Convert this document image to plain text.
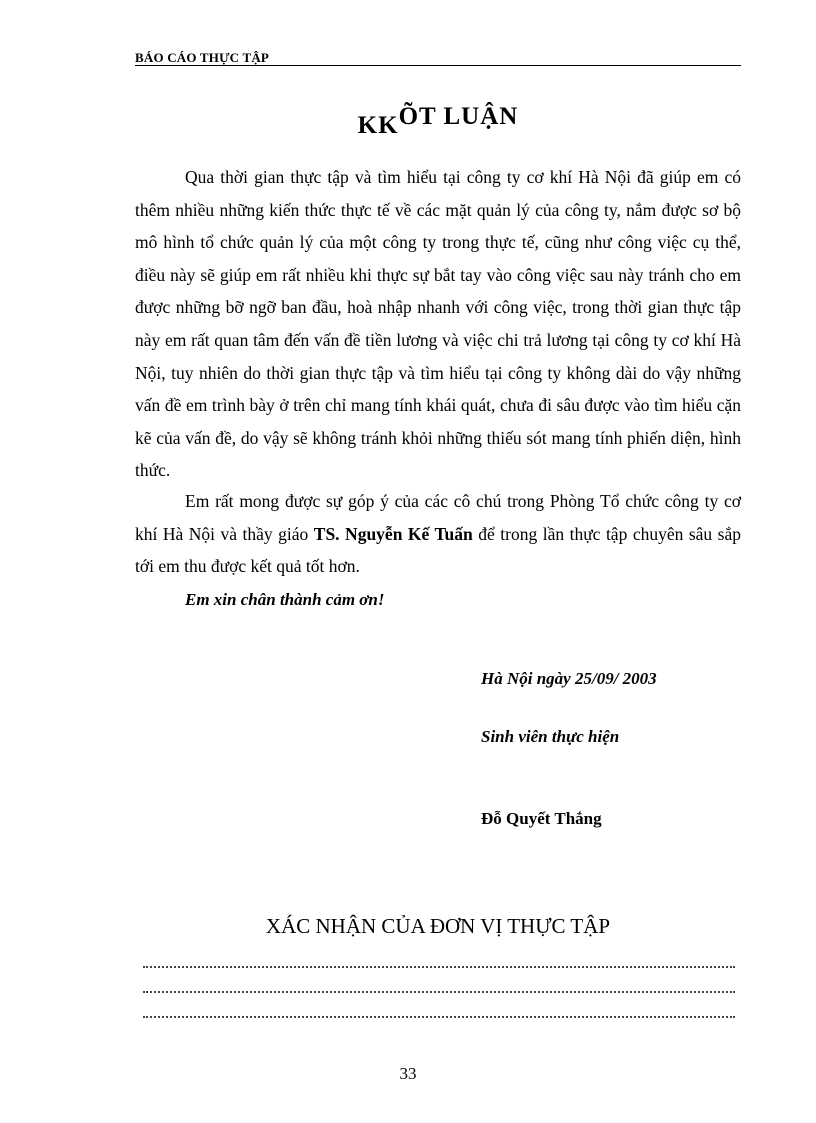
BÁO CÁO THỰC TẬP
KKÕT LUẬN

Qua thời gian thực tập và tìm hiểu tại công ty cơ khí Hà Nội đã giúp em có thêm nhiều những kiến thức thực tế về các mặt quản lý của công ty, nắm được sơ bộ mô hình tổ chức quản lý của một công ty trong thực tế, cũng như công việc cụ thể, điều này sẽ giúp em rất nhiều khi thực sự bắt tay vào công việc sau này tránh cho em được những bỡ ngỡ ban đầu, hoà nhập nhanh với công việc, trong thời gian thực tập này em rất quan tâm đến vấn đề tiền lương và việc chi trả lương tại công ty cơ khí Hà Nội, tuy nhiên do thời gian thực tập và tìm hiểu tại công ty không dài do vậy những vấn đề em trình bày ở trên chỉ mang tính khái quát, chưa đi sâu được vào tìm hiểu cặn kẽ của vấn đề, do vậy sẽ không tránh khỏi những thiếu sót mang tính phiến diện, hình thức.

Em rất mong được sự góp ý của các cô chú trong Phòng Tổ chức công ty cơ khí Hà Nội và thầy giáo TS. Nguyễn Kế Tuấn để trong lần thực tập chuyên sâu sắp tới em thu được kết quả tốt hơn.

Em xin chân thành cảm ơn!
Hà Nội ngày 25/09/ 2003
Sinh viên thực hiện
Đỗ Quyết Thắng
XÁC NHẬN CỦA ĐƠN VỊ THỰC TẬP
33
